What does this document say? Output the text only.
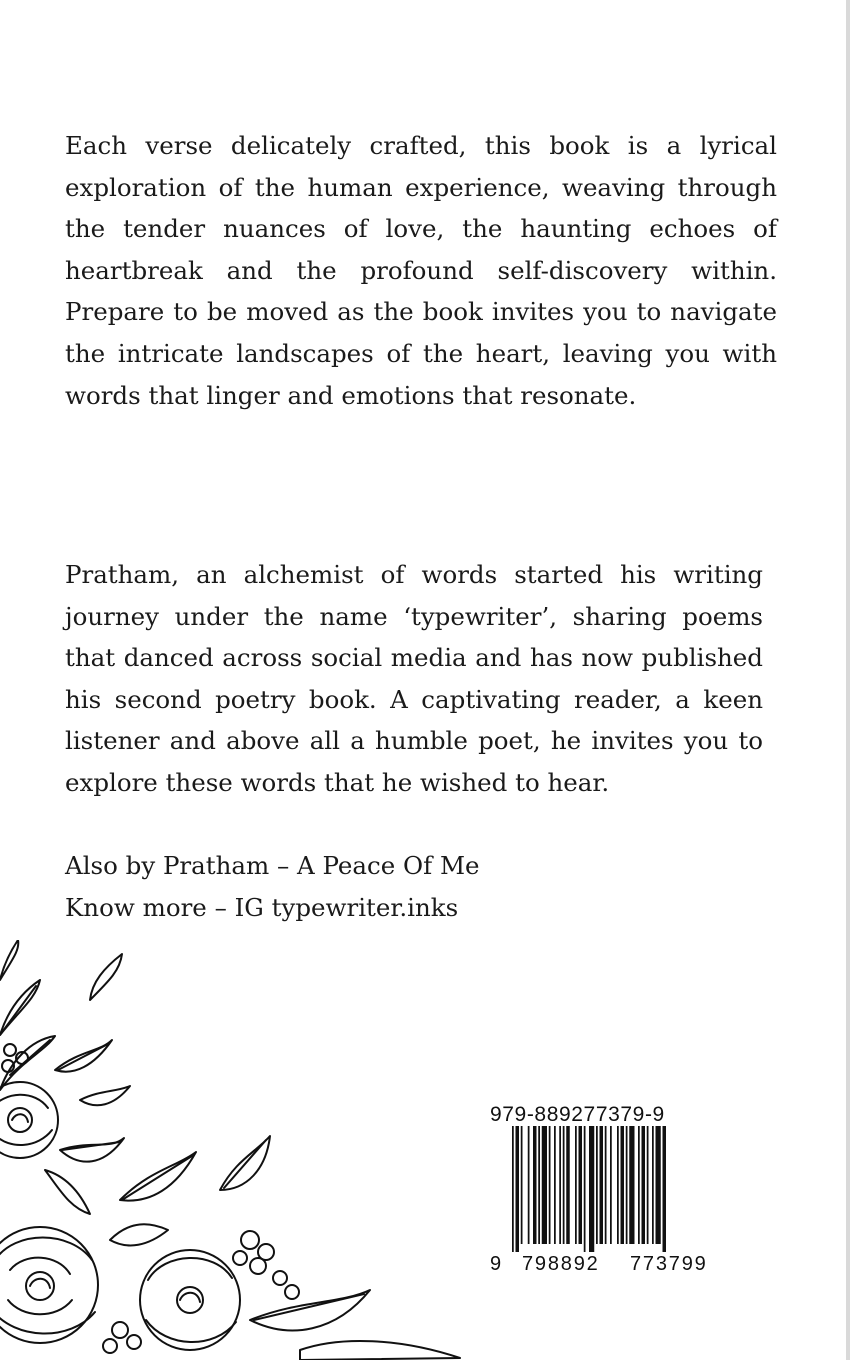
Each verse delicately crafted, this book is a lyrical exploration of the human experience, weaving through the tender nuances of love, the haunting echoes of heartbreak and the profound self-discovery within. Prepare to be moved as the book invites you to navigate the intricate landscapes of the heart, leaving you with words that linger and emotions that resonate.

Pratham, an alchemist of words started his writing journey under the name ‘typewriter’, sharing poems that danced across social media and has now published his second poetry book. A captivating reader, a keen listener and above all a humble poet, he invites you to explore these words that he wished to hear.

Also by Pratham – A Peace Of Me
Know more – IG typewriter.inks
979-889277379-9
9 798892 773799
